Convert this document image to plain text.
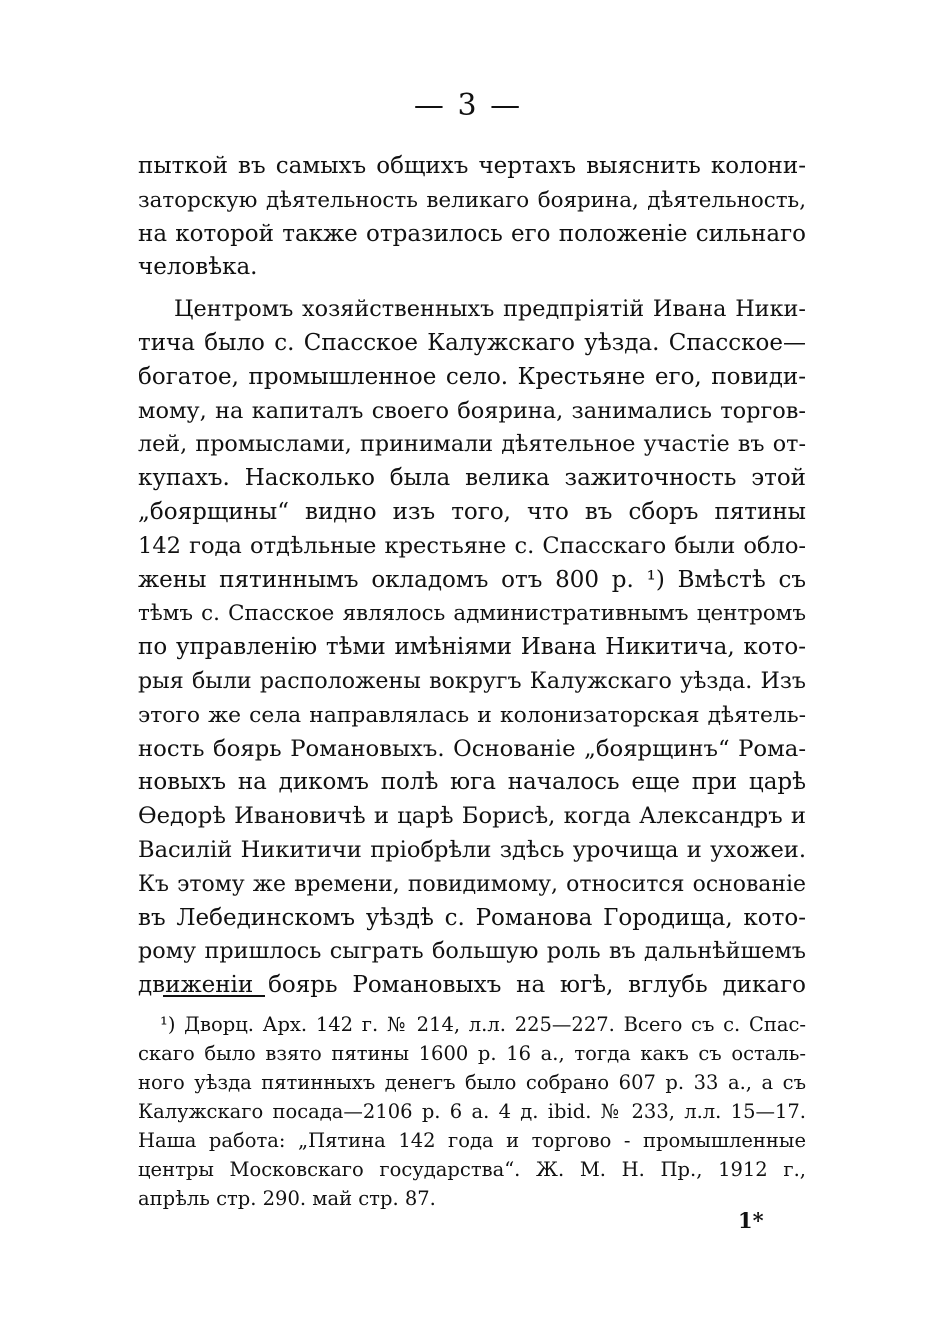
— 3 —
пыткой въ самыхъ общихъ чертахъ выяснить колони-
заторскую дѣятельность великаго боярина, дѣятельность,
на которой также отразилось его положеніе сильнаго
человѣка.
Центромъ хозяйственныхъ предпріятій Ивана Ники-
тича было с. Спасское Калужскаго уѣзда. Спасское—
богатое, промышленное село. Крестьяне его, повиди-
мому, на капиталъ своего боярина, занимались торгов-
лей, промыслами, принимали дѣятельное участіе въ от-
купахъ. Насколько была велика зажиточность этой
„боярщины“ видно изъ того, что въ сборъ пятины
142 года отдѣльные крестьяне с. Спасскаго были обло-
жены пятиннымъ окладомъ отъ 800 р. ¹) Вмѣстѣ съ
тѣмъ с. Спасское являлось административнымъ центромъ
по управленію тѣми имѣніями Ивана Никитича, кото-
рыя были расположены вокругъ Калужскаго уѣзда. Изъ
этого же села направлялась и колонизаторская дѣятель-
ность боярь Романовыхъ. Основаніе „боярщинъ“ Рома-
новыхъ на дикомъ полѣ юга началось еще при царѣ
Ѳедорѣ Ивановичѣ и царѣ Борисѣ, когда Александръ и
Василій Никитичи пріобрѣли здѣсь урочища и ухожеи.
Къ этому же времени, повидимому, относится основаніе
въ Лебединскомъ уѣздѣ с. Романова Городища, кото-
рому пришлось сыграть большую роль въ дальнѣйшемъ
движеніи боярь Романовыхъ на югѣ, вглубь дикаго
¹) Дворц. Арх. 142 г. № 214, л.л. 225—227. Всего съ с. Спас-
скаго было взято пятины 1600 р. 16 а., тогда какъ съ осталь-
ного уѣзда пятинныхъ денегъ было собрано 607 р. 33 а., а съ
Калужскаго посада—2106 р. 6 а. 4 д. ibid. № 233, л.л. 15—17.
Наша работа: „Пятина 142 года и торгово - промышленные
центры Московскаго государства“. Ж. М. Н. Пр., 1912 г.,
апрѣль стр. 290. май стр. 87.
1*
